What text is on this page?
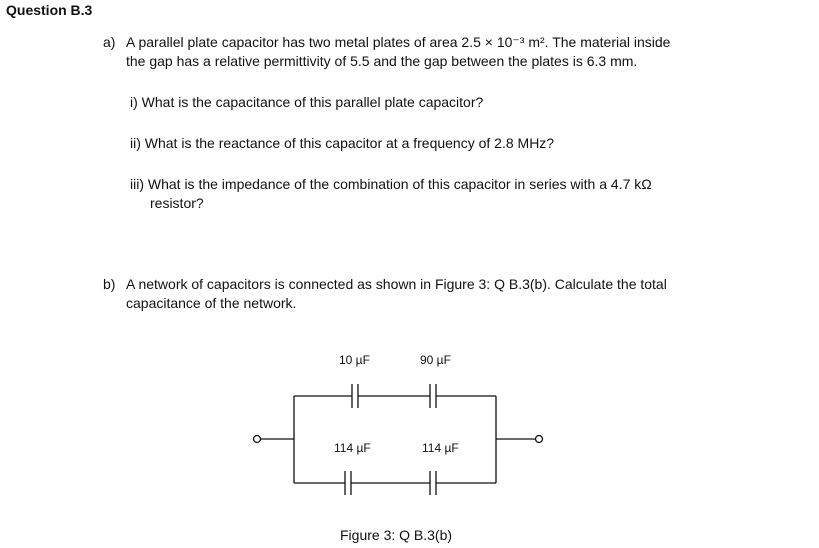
Question B.3
a) A parallel plate capacitor has two metal plates of area 2.5 × 10⁻³ m². The material inside
the gap has a relative permittivity of 5.5 and the gap between the plates is 6.3 mm.
i) What is the capacitance of this parallel plate capacitor?
ii) What is the reactance of this capacitor at a frequency of 2.8 MHz?
iii) What is the impedance of the combination of this capacitor in series with a 4.7 kΩ
resistor?
b) A network of capacitors is connected as shown in Figure 3: Q B.3(b). Calculate the total
capacitance of the network.
10 µF	90 µF
114 µF	114 µF
Figure 3: Q B.3(b)
